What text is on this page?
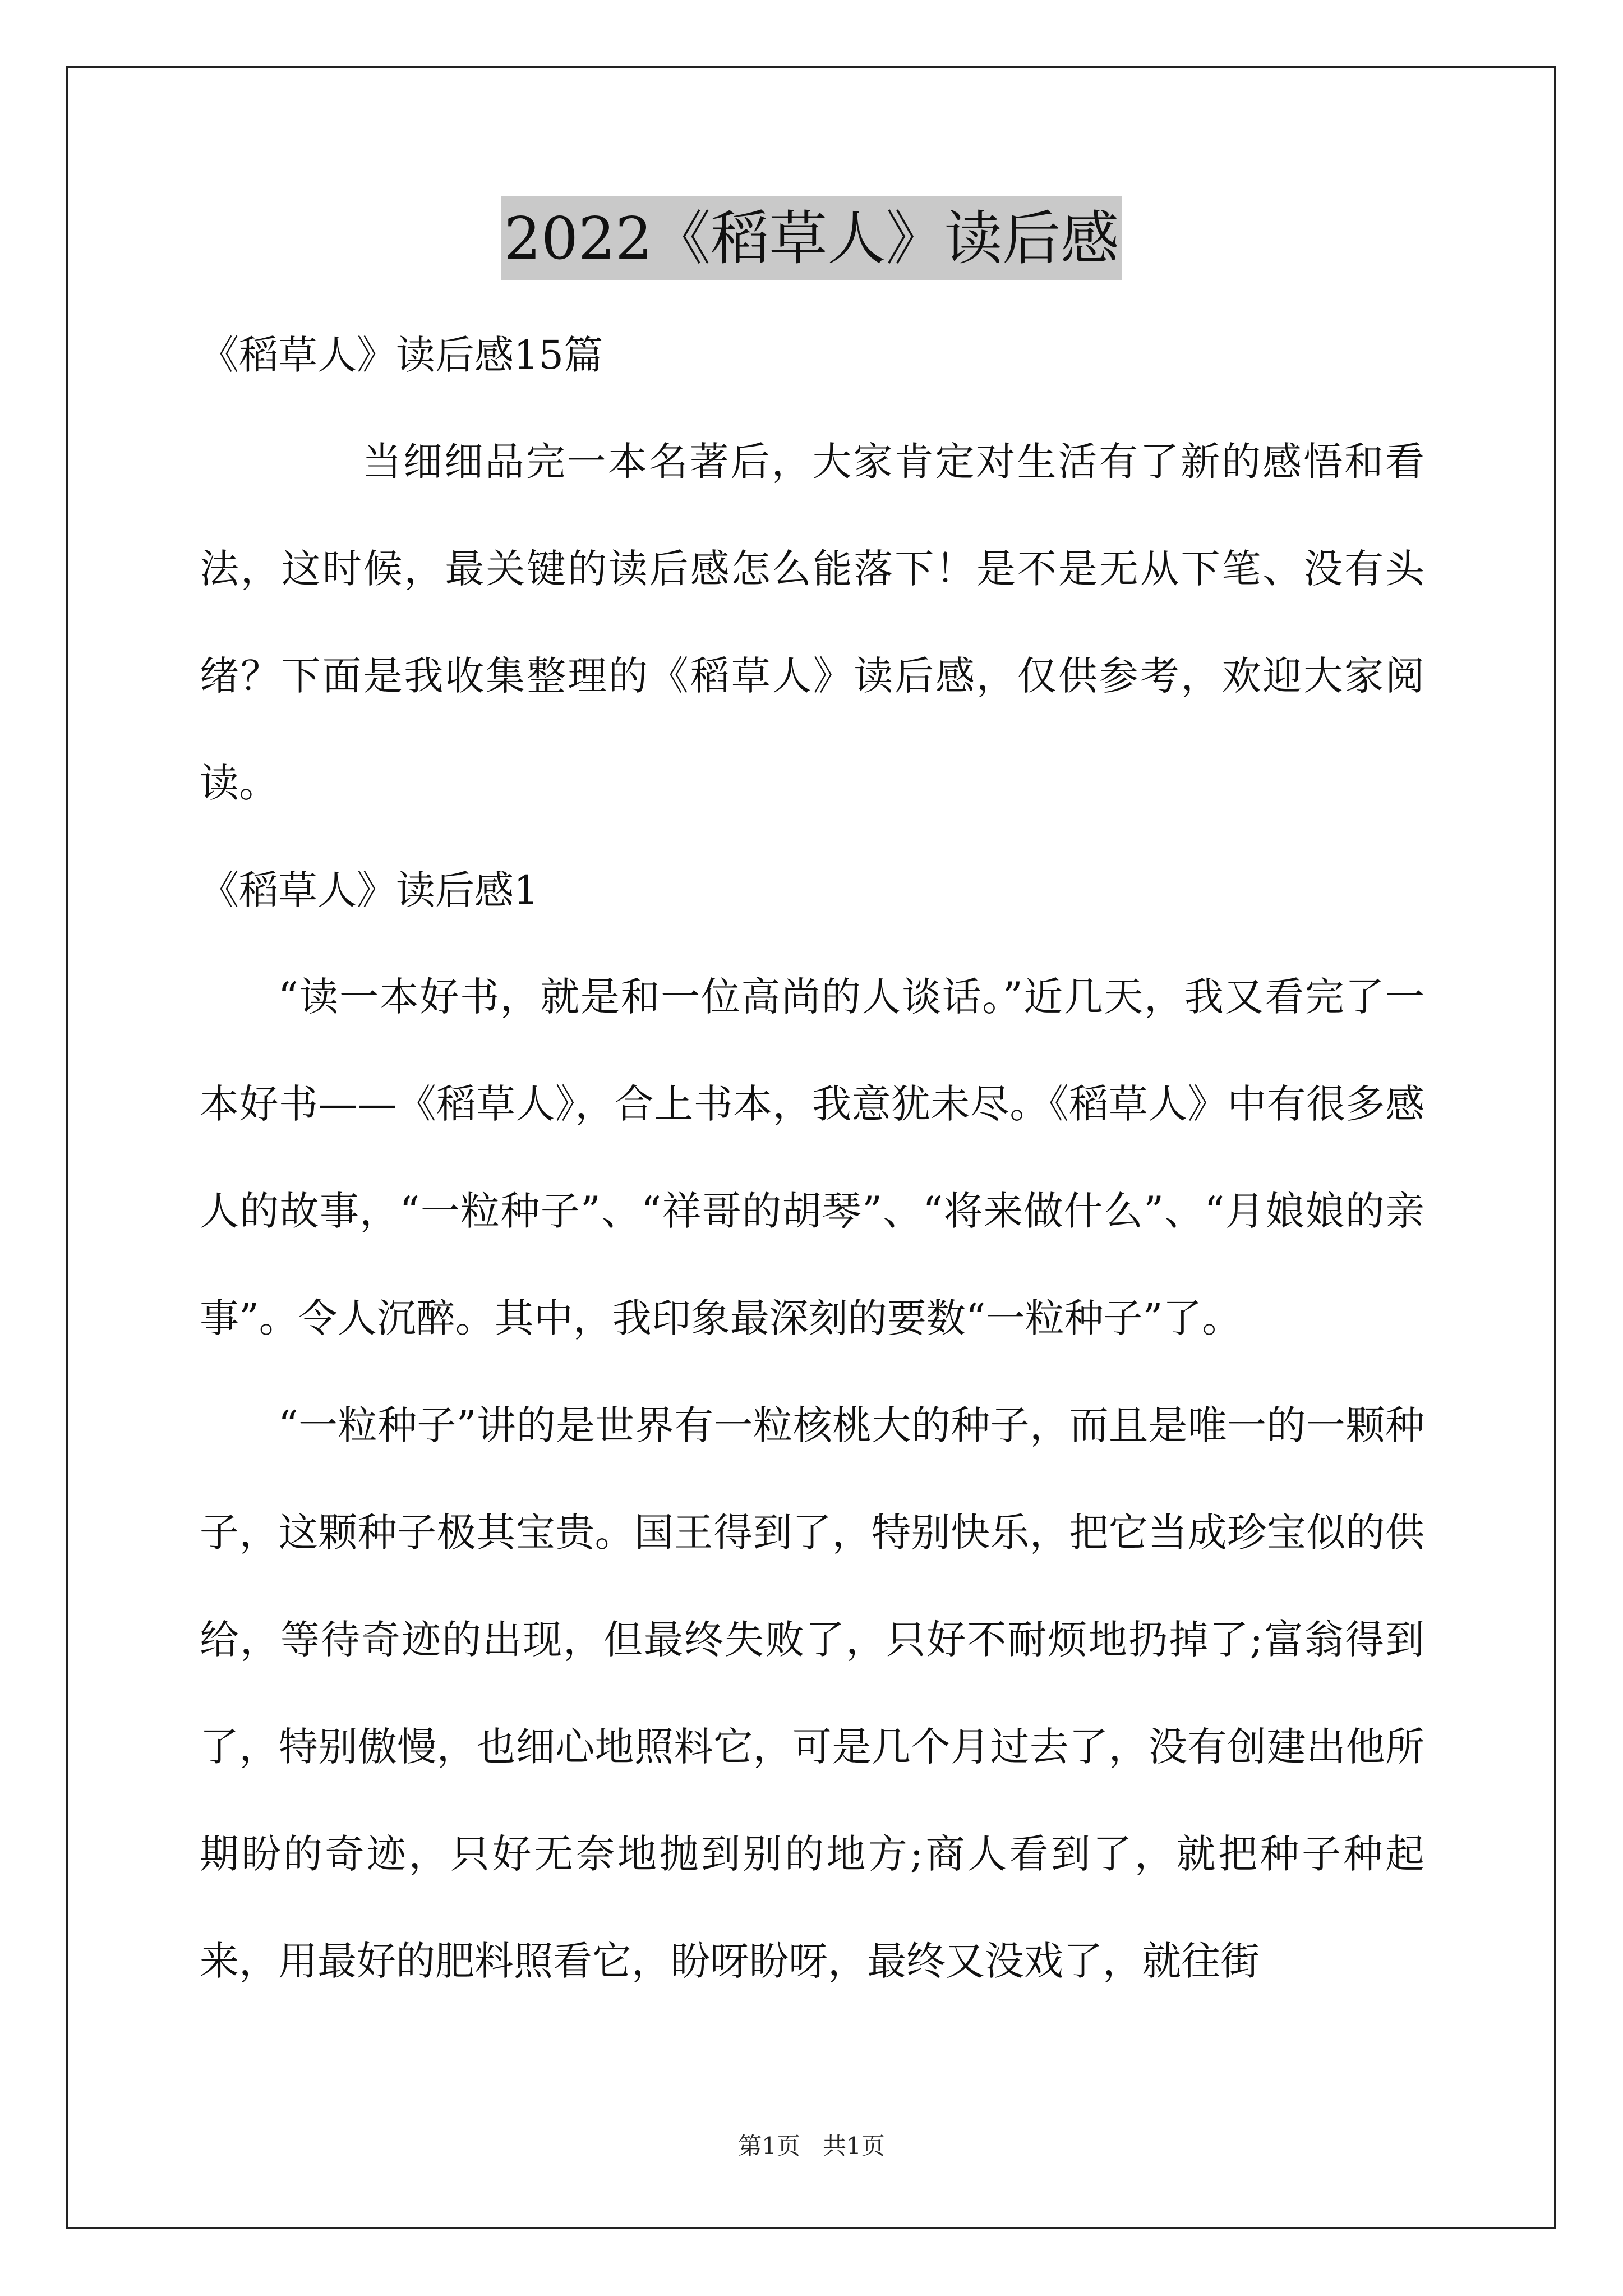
2022《稻草人》读后感

《稻草人》读后感15篇

当细细品完一本名著后，大家肯定对生活有了新的感悟和看法，这时候，最关键的读后感怎么能落下！是不是无从下笔、没有头绪？下面是我收集整理的《稻草人》读后感，仅供参考，欢迎大家阅读。

《稻草人》读后感1

“读一本好书，就是和一位高尚的人谈话。”近几天，我又看完了一本好书——《稻草人》，合上书本，我意犹未尽。《稻草人》中有很多感人的故事，“一粒种子”、“祥哥的胡琴”、“将来做什么”、“月娘娘的亲事”。令人沉醉。其中，我印象最深刻的要数“一粒种子”了。

“一粒种子”讲的是世界有一粒核桃大的种子，而且是唯一的一颗种子，这颗种子极其宝贵。国王得到了，特别快乐，把它当成珍宝似的供给，等待奇迹的出现，但最终失败了，只好不耐烦地扔掉了;富翁得到了，特别傲慢，也细心地照料它，可是几个月过去了，没有创建出他所期盼的奇迹，只好无奈地抛到别的地方;商人看到了，就把种子种起来，用最好的肥料照看它，盼呀盼呀，最终又没戏了，就往街

第1页 共1页
